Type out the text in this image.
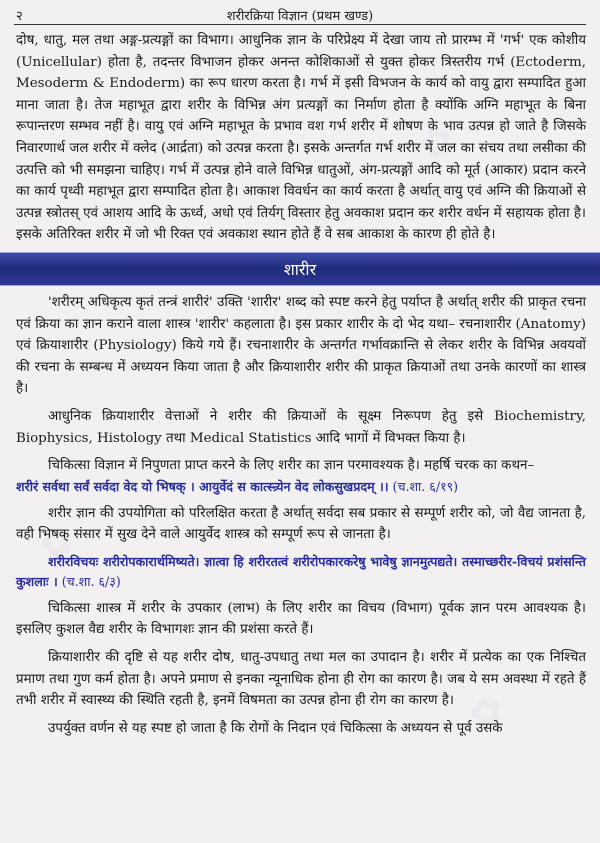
✿
✿
✿
२	शरीरक्रिया विज्ञान (प्रथम खण्ड)

दोष, धातु, मल तथा अङ्ग-प्रत्यङ्गों का विभाग। आधुनिक ज्ञान के परिप्रेक्ष्य में देखा जाय तो प्रारम्भ में 'गर्भ' एक कोशीय (Unicellular) होता है, तदन्तर विभाजन होकर अनन्त कोशिकाओं से युक्त होकर त्रिस्तरीय गर्भ (Ectoderm, Mesoderm & Endoderm) का रूप धारण करता है। गर्भ में इसी विभजन के कार्य को वायु द्वारा सम्पादित हुआ माना जाता है। तेज महाभूत द्वारा शरीर के विभिन्न अंग प्रत्यङ्गों का निर्माण होता है क्योंकि अग्नि महाभूत के बिना रूपान्तरण सम्भव नहीं है। वायु एवं अग्नि महाभूत के प्रभाव वश गर्भ शरीर में शोषण के भाव उत्पन्न हो जाते है जिसके निवारणार्थ जल शरीर में क्लेद (आर्द्रता) को उत्पन्न करता है। इसके अन्तर्गत गर्भ शरीर में जल का संचय तथा लसीका की उत्पत्ति को भी समझना चाहिए। गर्भ में उत्पन्न होने वाले विभिन्न धातुओं, अंग-प्रत्यङ्गों आदि को मूर्त (आकार) प्रदान करने का कार्य पृथ्वी महाभूत द्वारा सम्पादित होता है। आकाश विवर्धन का कार्य करता है अर्थात् वायु एवं अग्नि की क्रियाओं से उत्पन्न स्त्रोतस् एवं आशय आदि के ऊर्ध्व, अधो एवं तिर्यग् विस्तार हेतु अवकाश प्रदान कर शरीर वर्धन में सहायक होता है। इसके अतिरिक्त शरीर में जो भी रिक्त एवं अवकाश स्थान होते हैं वे सब आकाश के कारण ही होते है।

शारीर

'शरीरम् अधिकृत्य कृतं तन्त्रं शारीरं' उक्ति 'शारीर' शब्द को स्पष्ट करने हेतु पर्याप्त है अर्थात् शरीर की प्राकृत रचना एवं क्रिया का ज्ञान कराने वाला शास्त्र 'शारीर' कहलाता है। इस प्रकार शारीर के दो भेद यथा– रचनाशारीर (Anatomy) एवं क्रियाशारीर (Physiology) किये गये हैं। रचनाशारीर के अन्तर्गत गर्भावक्रान्ति से लेकर शरीर के विभिन्न अवयवों की रचना के सम्बन्ध में अध्ययन किया जाता है और क्रियाशारीर शरीर की प्राकृत क्रियाओं तथा उनके कारणों का शास्त्र है।

आधुनिक क्रियाशारीर वेत्ताओं ने शरीर की क्रियाओं के सूक्ष्म निरूपण हेतु इसे Biochemistry, Biophysics, Histology तथा Medical Statistics आदि भागों में विभक्त किया है।

चिकित्सा विज्ञान में निपुणता प्राप्त करने के लिए शरीर का ज्ञान परमावश्यक है। महर्षि चरक का कथन–

शरीरं सर्वथा सर्वं सर्वदा वेद यो भिषक् । आयुर्वेदं स कात्स्न्र्येन वेद लोकसुखप्रदम् ।। (च.शा. ६/१९)

शरीर ज्ञान की उपयोगिता को परिलक्षित करता है अर्थात् सर्वदा सब प्रकार से सम्पूर्ण शरीर को, जो वैद्य जानता है, वही भिषक् संसार में सुख देने वाले आयुर्वेद शास्त्र को सम्पूर्ण रूप से जानता है।

शरीरविचयः शरीरोपकारार्थमिष्यते। ज्ञात्वा हि शरीरतत्वं शरीरोपकारकरेषु भावेषु ज्ञानमुत्पद्यते। तस्माच्छरीर-विचयं प्रशंसन्ति कुशलाः । (च.शा. ६/३)

चिकित्सा शास्त्र में शरीर के उपकार (लाभ) के लिए शरीर का विचय (विभाग) पूर्वक ज्ञान परम आवश्यक है। इसलिए कुशल वैद्य शरीर के विभागशः ज्ञान की प्रशंसा करते हैं।

क्रियाशारीर की दृष्टि से यह शरीर दोष, धातु-उपधातु तथा मल का उपादान है। शरीर में प्रत्येक का एक निश्चित प्रमाण तथा गुण कर्म होता है। अपने प्रमाण से इनका न्यूनाधिक होना ही रोग का कारण है। जब ये सम अवस्था में रहते हैं तभी शरीर में स्वास्थ्य की स्थिति रहती है, इनमें विषमता का उत्पन्न होना ही रोग का कारण है।

उपर्युक्त वर्णन से यह स्पष्ट हो जाता है कि रोगों के निदान एवं चिकित्सा के अध्ययन से पूर्व उसके
